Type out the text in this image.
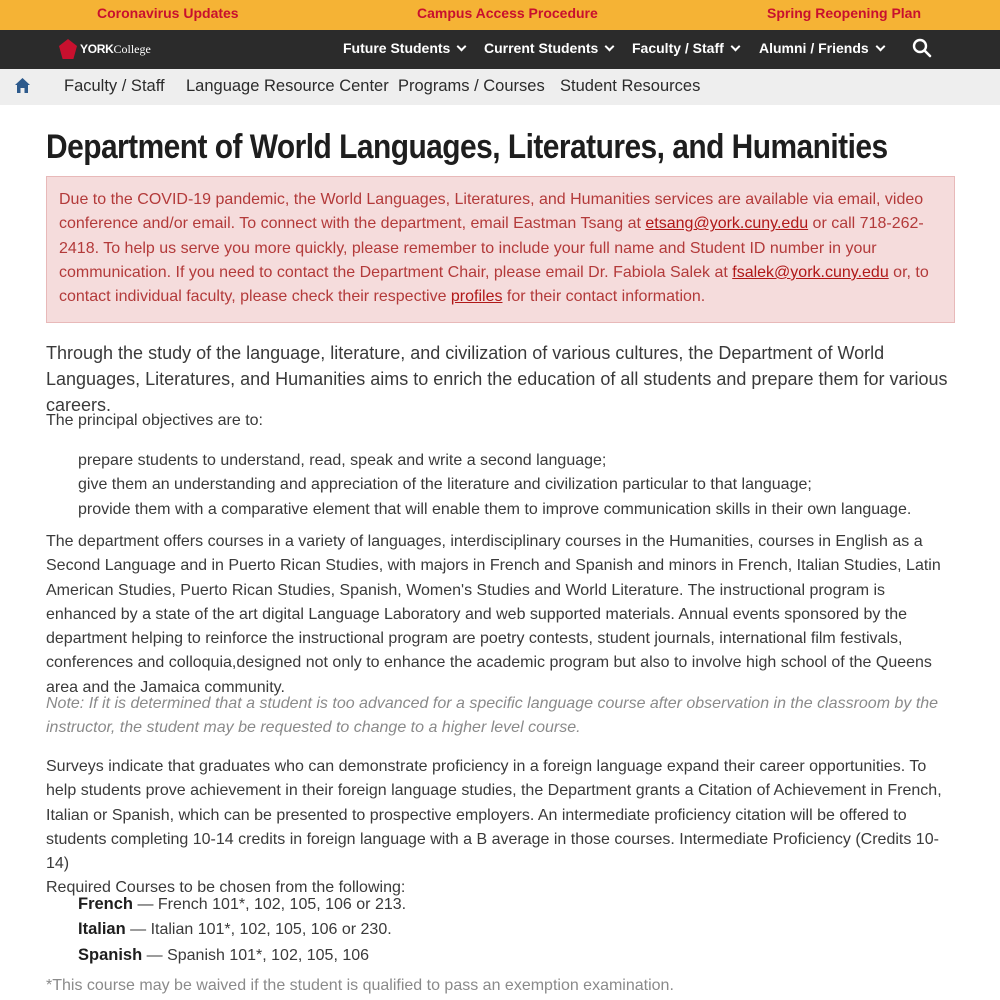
Coronavirus Updates	Campus Access Procedure	Spring Reopening Plan
YORK College	Future Students Current Students Faculty / Staff	Alumni / Friends
Faculty / Staff Language Resource Center Programs / Courses Student Resources
Department of World Languages, Literatures, and Humanities
Due to the COVID-19 pandemic, the World Languages, Literatures, and Humanities services are available via email, video conference and/or email. To connect with the department, email Eastman Tsang at etsang@york.cuny.edu or call 718-262-2418. To help us serve you more quickly, please remember to include your full name and Student ID number in your communication. If you need to contact the Department Chair, please email Dr. Fabiola Salek at fsalek@york.cuny.edu or, to contact individual faculty, please check their respective profiles for their contact information.

Through the study of the language, literature, and civilization of various cultures, the Department of World Languages, Literatures, and Humanities aims to enrich the education of all students and prepare them for various careers.

The principal objectives are to:

prepare students to understand, read, speak and write a second language;
give them an understanding and appreciation of the literature and civilization particular to that language;
provide them with a comparative element that will enable them to improve communication skills in their own language.

The department offers courses in a variety of languages, interdisciplinary courses in the Humanities, courses in English as a Second Language and in Puerto Rican Studies, with majors in French and Spanish and minors in French, Italian Studies, Latin American Studies, Puerto Rican Studies, Spanish, Women's Studies and World Literature. The instructional program is enhanced by a state of the art digital Language Laboratory and web supported materials. Annual events sponsored by the department helping to reinforce the instructional program are poetry contests, student journals, international film festivals, conferences and colloquia,designed not only to enhance the academic program but also to involve high school of the Queens area and the Jamaica community.

Note: If it is determined that a student is too advanced for a specific language course after observation in the classroom by the instructor, the student may be requested to change to a higher level course.

Surveys indicate that graduates who can demonstrate proficiency in a foreign language expand their career opportunities. To help students prove achievement in their foreign language studies, the Department grants a Citation of Achievement in French, Italian or Spanish, which can be presented to prospective employers. An intermediate proficiency citation will be offered to students completing 10-14 credits in foreign language with a B average in those courses. Intermediate Proficiency (Credits 10-14)
Required Courses to be chosen from the following:

French — French 101*, 102, 105, 106 or 213.
Italian — Italian 101*, 102, 105, 106 or 230.
Spanish — Spanish 101*, 102, 105, 106

*This course may be waived if the student is qualified to pass an exemption examination.
